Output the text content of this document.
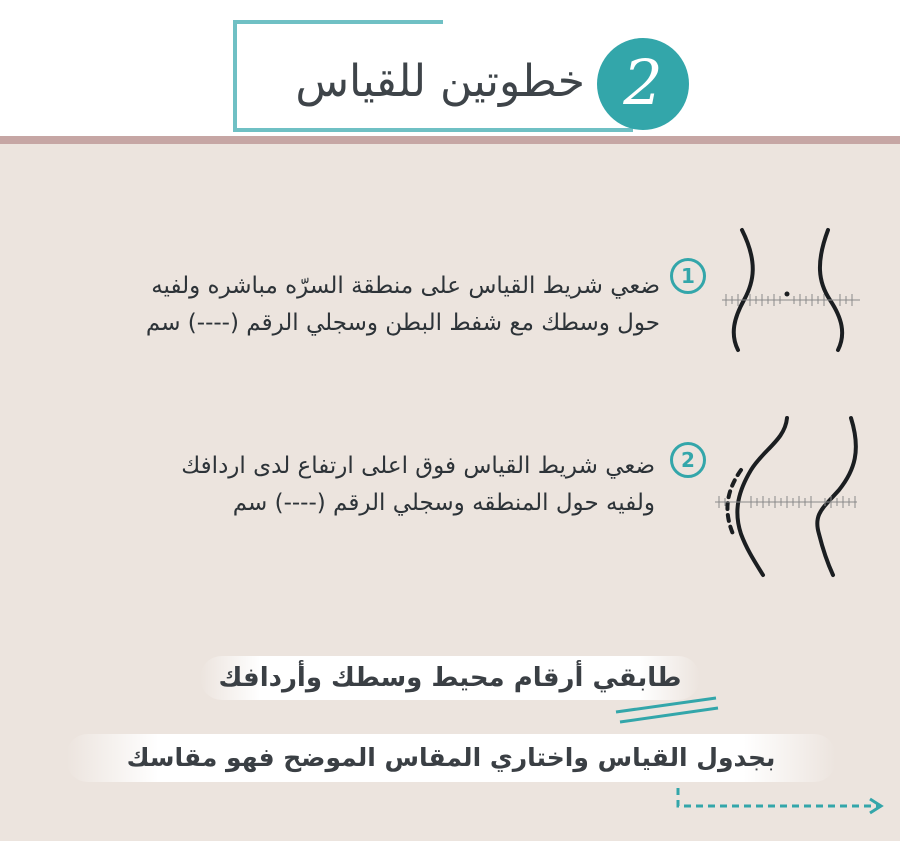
خطوتين للقياس 2

ضعي شريط القياس على منطقة السرّه مباشره ولفيه

حول وسطك مع شفط البطن وسجلي الرقم (----) سم

1

ضعي شريط القياس فوق اعلى ارتفاع لدى اردافك

ولفيه حول المنطقه وسجلي الرقم (----) سم

2
طابقي أرقام محيط وسطك وأردافك
بجدول القياس واختاري المقاس الموضح فهو مقاسك
